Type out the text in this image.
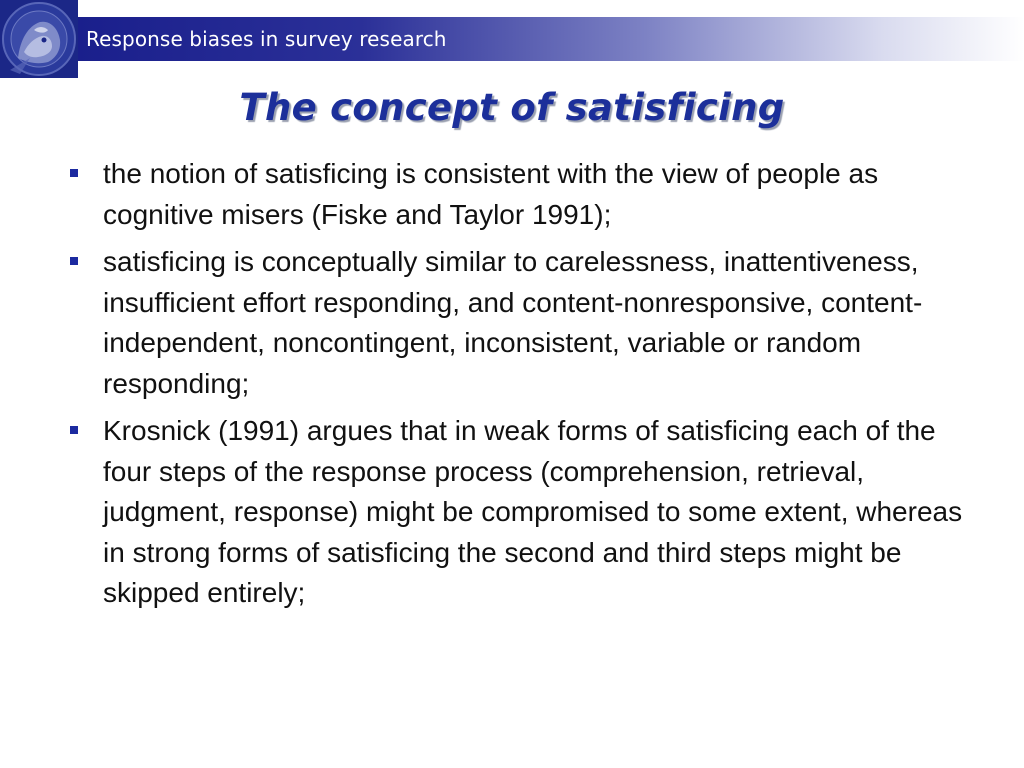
Response biases in survey research
The concept of satisficing
the notion of satisficing is consistent with the view of people as cognitive misers (Fiske and Taylor 1991);
satisficing is conceptually similar to carelessness, inattentiveness, insufficient effort responding, and content-nonresponsive, content-independent, noncontingent, inconsistent, variable or random responding;
Krosnick (1991) argues that in weak forms of satisficing each of the four steps of the response process (comprehension, retrieval, judgment, response) might be compromised to some extent, whereas in strong forms of satisficing the second and third steps might be skipped entirely;
